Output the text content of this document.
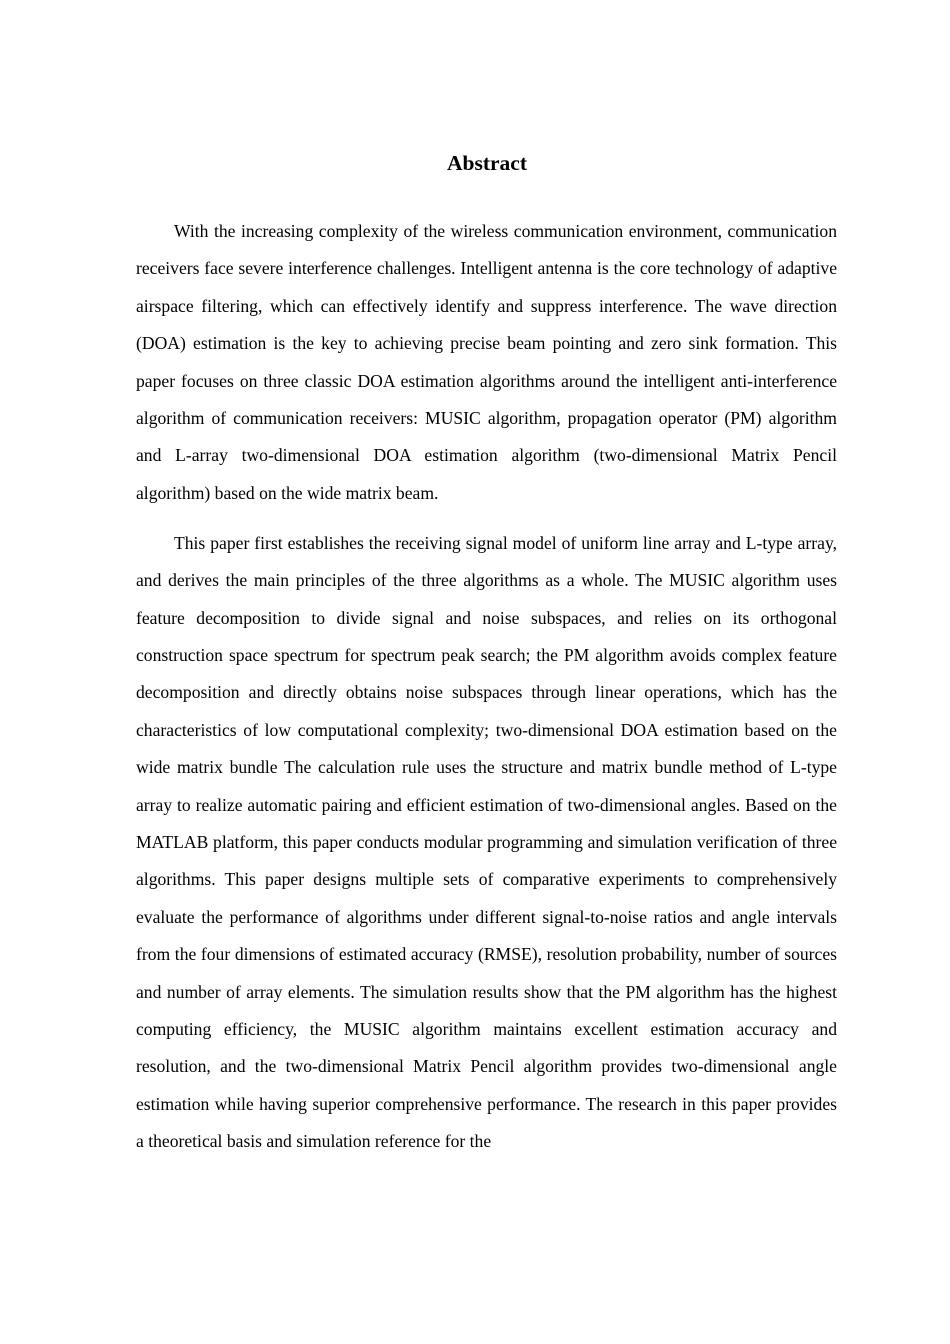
Abstract

With the increasing complexity of the wireless communication environment, communication receivers face severe interference challenges. Intelligent antenna is the core technology of adaptive airspace filtering, which can effectively identify and suppress interference. The wave direction (DOA) estimation is the key to achieving precise beam pointing and zero sink formation. This paper focuses on three classic DOA estimation algorithms around the intelligent anti-interference algorithm of communication receivers: MUSIC algorithm, propagation operator (PM) algorithm and L-array two-dimensional DOA estimation algorithm (two-dimensional Matrix Pencil algorithm) based on the wide matrix beam.

This paper first establishes the receiving signal model of uniform line array and L-type array, and derives the main principles of the three algorithms as a whole. The MUSIC algorithm uses feature decomposition to divide signal and noise subspaces, and relies on its orthogonal construction space spectrum for spectrum peak search; the PM algorithm avoids complex feature decomposition and directly obtains noise subspaces through linear operations, which has the characteristics of low computational complexity; two-dimensional DOA estimation based on the wide matrix bundle The calculation rule uses the structure and matrix bundle method of L-type array to realize automatic pairing and efficient estimation of two-dimensional angles. Based on the MATLAB platform, this paper conducts modular programming and simulation verification of three algorithms. This paper designs multiple sets of comparative experiments to comprehensively evaluate the performance of algorithms under different signal-to-noise ratios and angle intervals from the four dimensions of estimated accuracy (RMSE), resolution probability, number of sources and number of array elements. The simulation results show that the PM algorithm has the highest computing efficiency, the MUSIC algorithm maintains excellent estimation accuracy and resolution, and the two-dimensional Matrix Pencil algorithm provides two-dimensional angle estimation while having superior comprehensive performance. The research in this paper provides a theoretical basis and simulation reference for the
